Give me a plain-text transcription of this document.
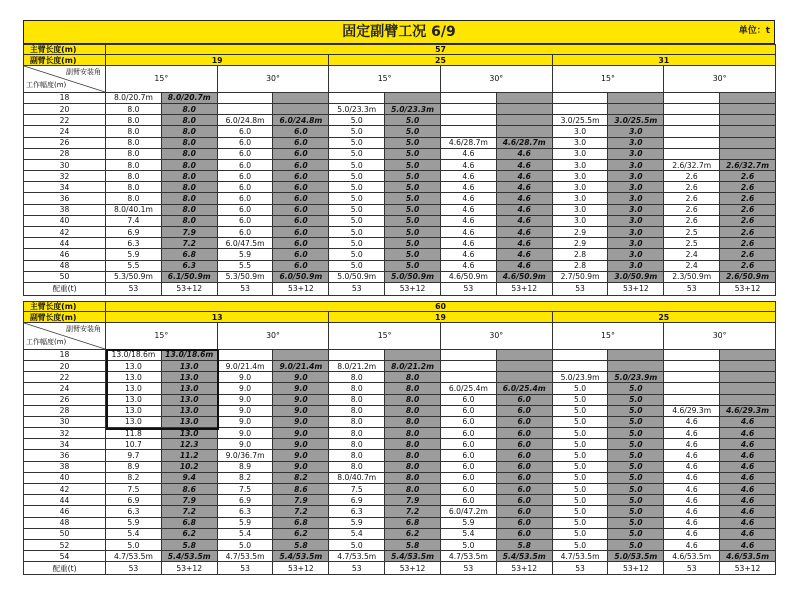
固定副臂工况 6/9	单位：t
主臂长度(m)	57											
副臂长度(m)	19				25				31			

副臂安装角
工作幅度(m)	15°		30°		15°		30°		15°		30°	
18	8.0/20.7m	8.0/20.7m										
20	8.0	8.0			5.0/23.3m	5.0/23.3m						
22	8.0	8.0	6.0/24.8m	6.0/24.8m	5.0	5.0			3.0/25.5m	3.0/25.5m		
24	8.0	8.0	6.0	6.0	5.0	5.0			3.0	3.0		
26	8.0	8.0	6.0	6.0	5.0	5.0	4.6/28.7m	4.6/28.7m	3.0	3.0		
28	8.0	8.0	6.0	6.0	5.0	5.0	4.6	4.6	3.0	3.0		
30	8.0	8.0	6.0	6.0	5.0	5.0	4.6	4.6	3.0	3.0	2.6/32.7m	2.6/32.7m
32	8.0	8.0	6.0	6.0	5.0	5.0	4.6	4.6	3.0	3.0	2.6	2.6
34	8.0	8.0	6.0	6.0	5.0	5.0	4.6	4.6	3.0	3.0	2.6	2.6
36	8.0	8.0	6.0	6.0	5.0	5.0	4.6	4.6	3.0	3.0	2.6	2.6
38	8.0/40.1m	8.0	6.0	6.0	5.0	5.0	4.6	4.6	3.0	3.0	2.6	2.6
40	7.4	8.0	6.0	6.0	5.0	5.0	4.6	4.6	3.0	3.0	2.6	2.6
42	6.9	7.9	6.0	6.0	5.0	5.0	4.6	4.6	2.9	3.0	2.5	2.6
44	6.3	7.2	6.0/47.5m	6.0	5.0	5.0	4.6	4.6	2.9	3.0	2.5	2.6
46	5.9	6.8	5.9	6.0	5.0	5.0	4.6	4.6	2.8	3.0	2.4	2.6
48	5.5	6.3	5.5	6.0	5.0	5.0	4.6	4.6	2.8	3.0	2.4	2.6
50	5.3/50.9m	6.1/50.9m	5.3/50.9m	6.0/50.9m	5.0/50.9m	5.0/50.9m	4.6/50.9m	4.6/50.9m	2.7/50.9m	3.0/50.9m	2.3/50.9m	2.6/50.9m
配重(t)	53	53+12	53	53+12	53	53+12	53	53+12	53	53+12	53	53+12
主臂长度(m)	60											
副臂长度(m)	13				19				25			

副臂安装角
工作幅度(m)	15°		30°		15°		30°		15°		30°	
18	13.0/18.6m	13.0/18.6m										
20	13.0	13.0	9.0/21.4m	9.0/21.4m	8.0/21.2m	8.0/21.2m						
22	13.0	13.0	9.0	9.0	8.0	8.0			5.0/23.9m	5.0/23.9m		
24	13.0	13.0	9.0	9.0	8.0	8.0	6.0/25.4m	6.0/25.4m	5.0	5.0		
26	13.0	13.0	9.0	9.0	8.0	8.0	6.0	6.0	5.0	5.0		
28	13.0	13.0	9.0	9.0	8.0	8.0	6.0	6.0	5.0	5.0	4.6/29.3m	4.6/29.3m
30	13.0	13.0	9.0	9.0	8.0	8.0	6.0	6.0	5.0	5.0	4.6	4.6
32	11.8	13.0	9.0	9.0	8.0	8.0	6.0	6.0	5.0	5.0	4.6	4.6
34	10.7	12.3	9.0	9.0	8.0	8.0	6.0	6.0	5.0	5.0	4.6	4.6
36	9.7	11.2	9.0/36.7m	9.0	8.0	8.0	6.0	6.0	5.0	5.0	4.6	4.6
38	8.9	10.2	8.9	9.0	8.0	8.0	6.0	6.0	5.0	5.0	4.6	4.6
40	8.2	9.4	8.2	8.2	8.0/40.7m	8.0	6.0	6.0	5.0	5.0	4.6	4.6
42	7.5	8.6	7.5	8.6	7.5	8.0	6.0	6.0	5.0	5.0	4.6	4.6
44	6.9	7.9	6.9	7.9	6.9	7.9	6.0	6.0	5.0	5.0	4.6	4.6
46	6.3	7.2	6.3	7.2	6.3	7.2	6.0/47.2m	6.0	5.0	5.0	4.6	4.6
48	5.9	6.8	5.9	6.8	5.9	6.8	5.9	6.0	5.0	5.0	4.6	4.6
50	5.4	6.2	5.4	6.2	5.4	6.2	5.4	6.0	5.0	5.0	4.6	4.6
52	5.0	5.8	5.0	5.8	5.0	5.8	5.0	5.8	5.0	5.0	4.6	4.6
54	4.7/53.5m	5.4/53.5m	4.7/53.5m	5.4/53.5m	4.7/53.5m	5.4/53.5m	4.7/53.5m	5.4/53.5m	4.7/53.5m	5.0/53.5m	4.6/53.5m	4.6/53.5m
配重(t)	53	53+12	53	53+12	53	53+12	53	53+12	53	53+12	53	53+12
